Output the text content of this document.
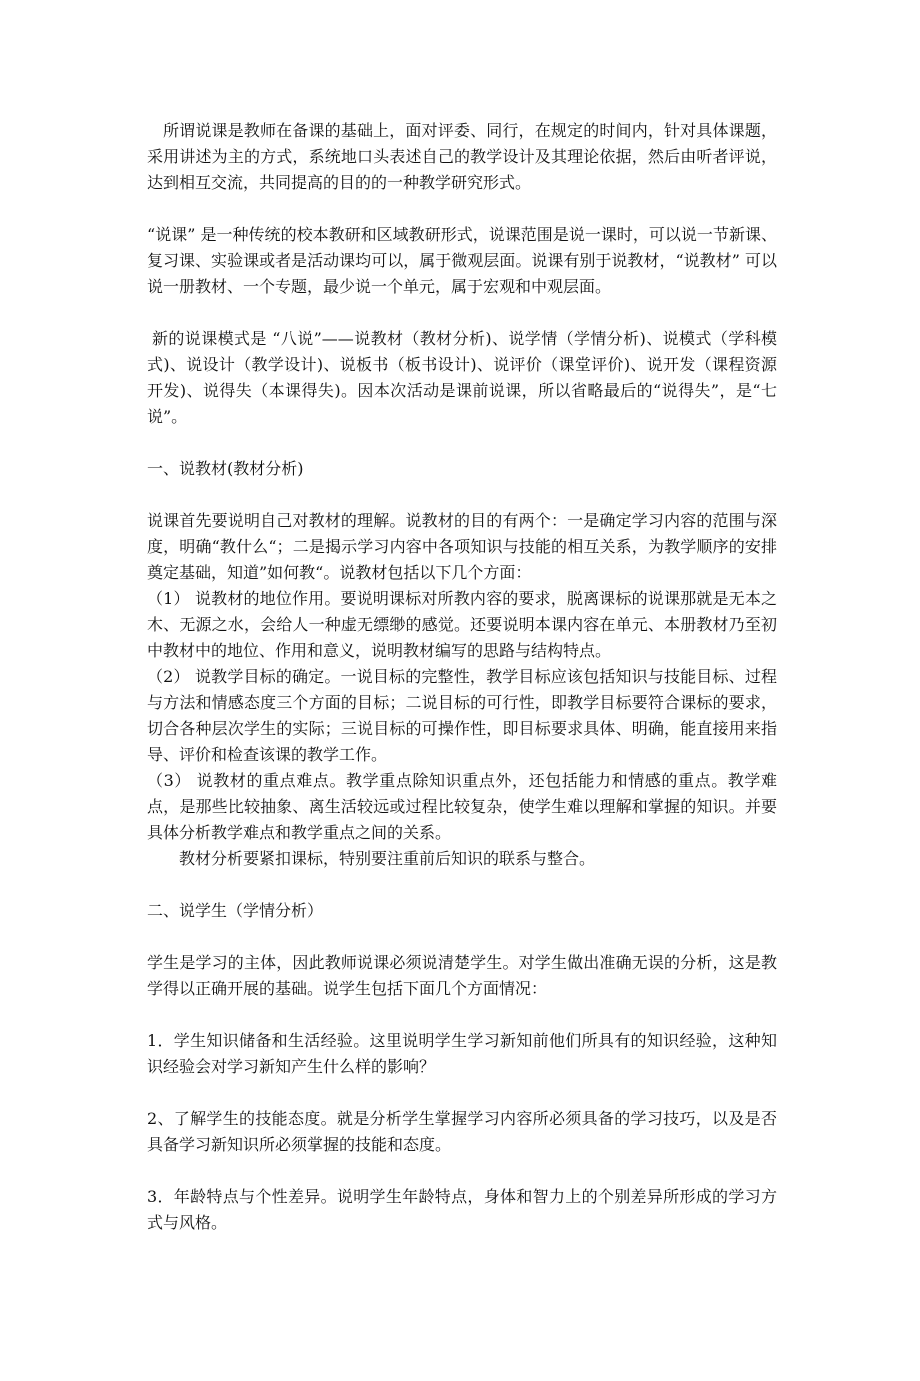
所谓说课是教师在备课的基础上，面对评委、同行，在规定的时间内，针对具体课题，采用讲述为主的方式，系统地口头表述自己的教学设计及其理论依据，然后由听者评说，达到相互交流，共同提高的目的的一种教学研究形式。

“说课” 是一种传统的校本教研和区域教研形式，说课范围是说一课时，可以说一节新课、复习课、实验课或者是活动课均可以，属于微观层面。说课有别于说教材，“说教材” 可以说一册教材、一个专题，最少说一个单元，属于宏观和中观层面。

新的说课模式是 “八说”——说教材（教材分析)、说学情（学情分析)、说模式（学科模式)、说设计（教学设计)、说板书（板书设计)、说评价（课堂评价)、说开发（课程资源开发)、说得失（本课得失)。因本次活动是课前说课，所以省略最后的“说得失”，是“七说”。

一、说教材(教材分析)

说课首先要说明自己对教材的理解。说教材的目的有两个：一是确定学习内容的范围与深度，明确“教什么“；二是揭示学习内容中各项知识与技能的相互关系，为教学顺序的安排奠定基础，知道”如何教“。说教材包括以下几个方面：

（1） 说教材的地位作用。要说明课标对所教内容的要求，脱离课标的说课那就是无本之木、无源之水，会给人一种虚无缥缈的感觉。还要说明本课内容在单元、本册教材乃至初中教材中的地位、作用和意义，说明教材编写的思路与结构特点。

（2） 说教学目标的确定。一说目标的完整性，教学目标应该包括知识与技能目标、过程与方法和情感态度三个方面的目标；二说目标的可行性，即教学目标要符合课标的要求，切合各种层次学生的实际；三说目标的可操作性，即目标要求具体、明确，能直接用来指导、评价和检查该课的教学工作。

（3） 说教材的重点难点。教学重点除知识重点外，还包括能力和情感的重点。教学难点，是那些比较抽象、离生活较远或过程比较复杂，使学生难以理解和掌握的知识。并要具体分析教学难点和教学重点之间的关系。

教材分析要紧扣课标，特别要注重前后知识的联系与整合。

二、说学生（学情分析）

学生是学习的主体，因此教师说课必须说清楚学生。对学生做出准确无误的分析，这是教学得以正确开展的基础。说学生包括下面几个方面情况：

1．学生知识储备和生活经验。这里说明学生学习新知前他们所具有的知识经验，这种知识经验会对学习新知产生什么样的影响？

2、了解学生的技能态度。就是分析学生掌握学习内容所必须具备的学习技巧，以及是否具备学习新知识所必须掌握的技能和态度。

3．年龄特点与个性差异。说明学生年龄特点，身体和智力上的个别差异所形成的学习方式与风格。
